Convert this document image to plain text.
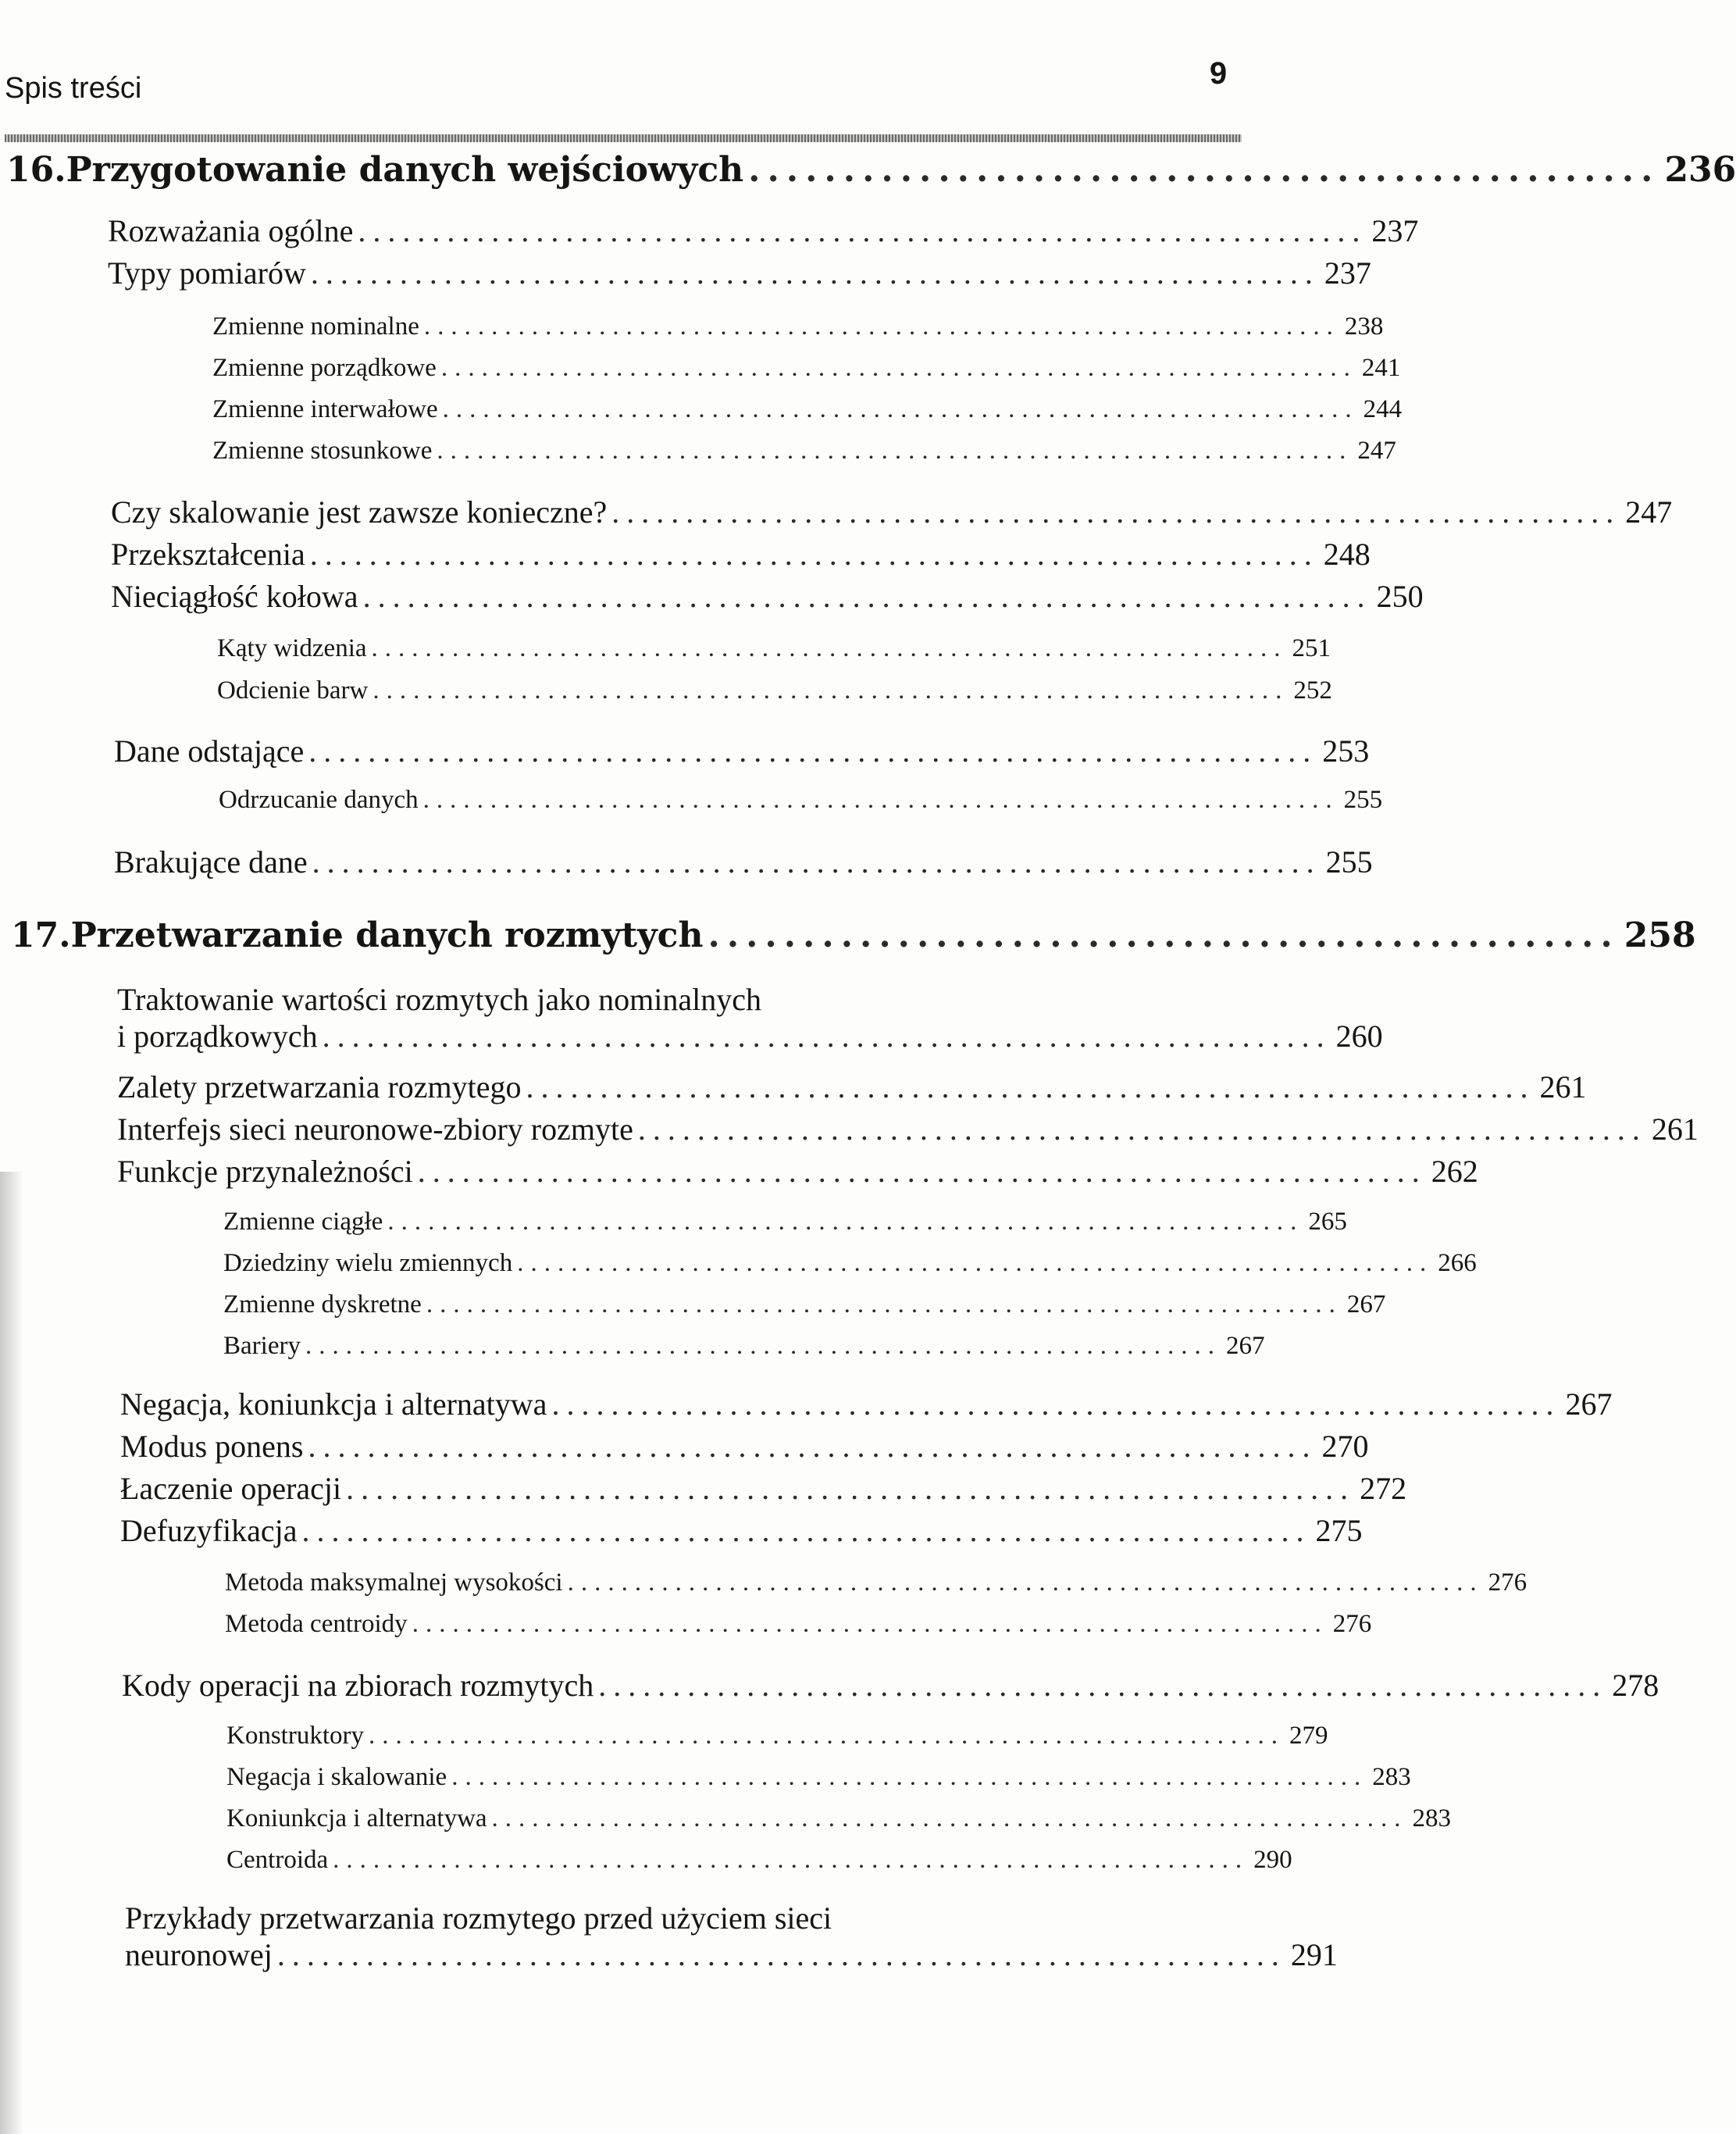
Spis treści	9
16. Przygotowanie danych wejściowych ................................................ 236
Rozważania ogólne .................................................................... 237
Typy pomiarów .................................................................... 237
Zmienne nominalne .................................................................... 238
Zmienne porządkowe .................................................................... 241
Zmienne interwałowe .................................................................... 244
Zmienne stosunkowe .................................................................... 247
Czy skalowanie jest zawsze konieczne? .................................................................... 247
Przekształcenia .................................................................... 248
Nieciągłość kołowa .................................................................... 250
Kąty widzenia .................................................................... 251
Odcienie barw .................................................................... 252
Dane odstające .................................................................... 253
Odrzucanie danych .................................................................... 255
Brakujące dane .................................................................... 255
17. Przetwarzanie danych rozmytych ................................................ 258
Traktowanie wartości rozmytych jako nominalnych
i porządkowych .................................................................... 260
Zalety przetwarzania rozmytego .................................................................... 261
Interfejs sieci neuronowe-zbiory rozmyte .................................................................... 261
Funkcje przynależności .................................................................... 262
Zmienne ciągłe .................................................................... 265
Dziedziny wielu zmiennych .................................................................... 266
Zmienne dyskretne .................................................................... 267
Bariery .................................................................... 267
Negacja, koniunkcja i alternatywa .................................................................... 267
Modus ponens .................................................................... 270
Łaczenie operacji .................................................................... 272
Defuzyfikacja .................................................................... 275
Metoda maksymalnej wysokości .................................................................... 276
Metoda centroidy .................................................................... 276
Kody operacji na zbiorach rozmytych .................................................................... 278
Konstruktory .................................................................... 279
Negacja i skalowanie .................................................................... 283
Koniunkcja i alternatywa .................................................................... 283
Centroida .................................................................... 290
Przykłady przetwarzania rozmytego przed użyciem sieci
neuronowej .................................................................... 291
